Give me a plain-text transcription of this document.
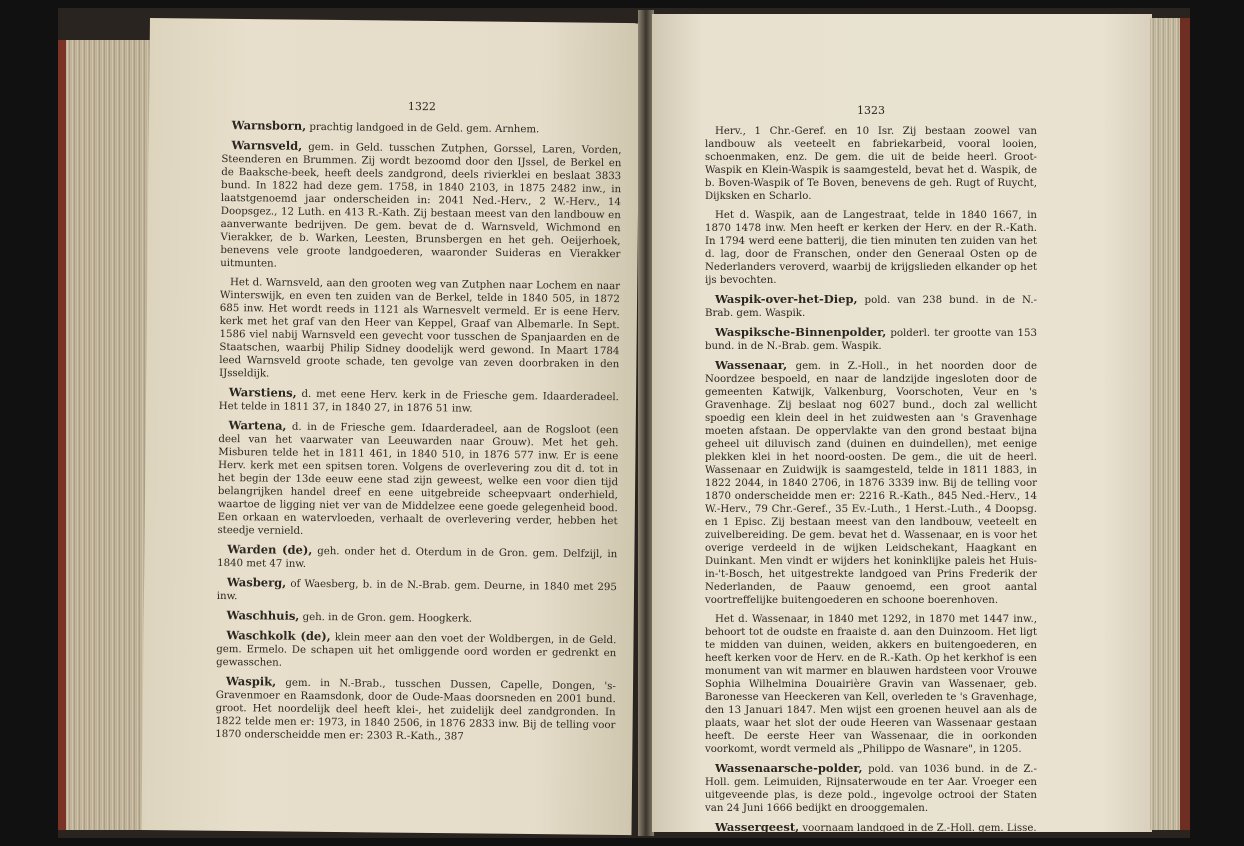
1322

Warnsborn, prachtig landgoed in de Geld. gem. Arnhem.

Warnsveld, gem. in Geld. tusschen Zutphen, Gorssel, Laren, Vorden, Steenderen en Brummen. Zij wordt bezoomd door den IJssel, de Berkel en de Baaksche-beek, heeft deels zandgrond, deels rivierklei en beslaat 3833 bund. In 1822 had deze gem. 1758, in 1840 2103, in 1875 2482 inw., in laatstgenoemd jaar onderscheiden in: 2041 Ned.-Herv., 2 W.-Herv., 14 Doopsgez., 12 Luth. en 413 R.-Kath. Zij bestaan meest van den landbouw en aanverwante bedrijven. De gem. bevat de d. Warnsveld, Wichmond en Vierakker, de b. Warken, Leesten, Brunsbergen en het geh. Oeijerhoek, benevens vele groote landgoederen, waaronder Suideras en Vierakker uitmunten.

Het d. Warnsveld, aan den grooten weg van Zutphen naar Lochem en naar Winterswijk, en even ten zuiden van de Berkel, telde in 1840 505, in 1872 685 inw. Het wordt reeds in 1121 als Warnesvelt vermeld. Er is eene Herv. kerk met het graf van den Heer van Keppel, Graaf van Albemarle. In Sept. 1586 viel nabij Warnsveld een gevecht voor tusschen de Spanjaarden en de Staatschen, waarbij Philip Sidney doodelijk werd gewond. In Maart 1784 leed Warnsveld groote schade, ten gevolge van zeven doorbraken in den IJsseldijk.

Warstiens, d. met eene Herv. kerk in de Friesche gem. Idaarderadeel. Het telde in 1811 37, in 1840 27, in 1876 51 inw.

Wartena, d. in de Friesche gem. Idaarderadeel, aan de Rogsloot (een deel van het vaarwater van Leeuwarden naar Grouw). Met het geh. Misburen telde het in 1811 461, in 1840 510, in 1876 577 inw. Er is eene Herv. kerk met een spitsen toren. Volgens de overlevering zou dit d. tot in het begin der 13de eeuw eene stad zijn geweest, welke een voor dien tijd belangrijken handel dreef en eene uitgebreide scheepvaart onderhield, waartoe de ligging niet ver van de Middelzee eene goede gelegenheid bood. Een orkaan en watervloeden, verhaalt de overlevering verder, hebben het steedje vernield.

Warden (de), geh. onder het d. Oterdum in de Gron. gem. Delfzijl, in 1840 met 47 inw.

Wasberg, of Waesberg, b. in de N.-Brab. gem. Deurne, in 1840 met 295 inw.

Waschhuis, geh. in de Gron. gem. Hoogkerk.

Waschkolk (de), klein meer aan den voet der Woldbergen, in de Geld. gem. Ermelo. De schapen uit het omliggende oord worden er gedrenkt en gewasschen.

Waspik, gem. in N.-Brab., tusschen Dussen, Capelle, Dongen, 's-Gravenmoer en Raamsdonk, door de Oude-Maas doorsneden en 2001 bund. groot. Het noordelijk deel heeft klei-, het zuidelijk deel zandgronden. In 1822 telde men er: 1973, in 1840 2506, in 1876 2833 inw. Bij de telling voor 1870 onderscheidde men er: 2303 R.-Kath., 387

1323

Herv., 1 Chr.-Geref. en 10 Isr. Zij bestaan zoowel van landbouw als veeteelt en fabriekarbeid, vooral looien, schoenmaken, enz. De gem. die uit de beide heerl. Groot-Waspik en Klein-Waspik is saamgesteld, bevat het d. Waspik, de b. Boven-Waspik of Te Boven, benevens de geh. Rugt of Ruycht, Dijksken en Scharlo.

Het d. Waspik, aan de Langestraat, telde in 1840 1667, in 1870 1478 inw. Men heeft er kerken der Herv. en der R.-Kath. In 1794 werd eene batterij, die tien minuten ten zuiden van het d. lag, door de Franschen, onder den Generaal Osten op de Nederlanders veroverd, waarbij de krijgslieden elkander op het ijs bevochten.

Waspik-over-het-Diep, pold. van 238 bund. in de N.-Brab. gem. Waspik.

Waspiksche-Binnenpolder, polderl. ter grootte van 153 bund. in de N.-Brab. gem. Waspik.

Wassenaar, gem. in Z.-Holl., in het noorden door de Noordzee bespoeld, en naar de landzijde ingesloten door de gemeenten Katwijk, Valkenburg, Voorschoten, Veur en 's Gravenhage. Zij beslaat nog 6027 bund., doch zal wellicht spoedig een klein deel in het zuidwesten aan 's Gravenhage moeten afstaan. De oppervlakte van den grond bestaat bijna geheel uit diluvisch zand (duinen en duindellen), met eenige plekken klei in het noord-oosten. De gem., die uit de heerl. Wassenaar en Zuidwijk is saamgesteld, telde in 1811 1883, in 1822 2044, in 1840 2706, in 1876 3339 inw. Bij de telling voor 1870 onderscheidde men er: 2216 R.-Kath., 845 Ned.-Herv., 14 W.-Herv., 79 Chr.-Geref., 35 Ev.-Luth., 1 Herst.-Luth., 4 Doopsg. en 1 Episc. Zij bestaan meest van den landbouw, veeteelt en zuivelbereiding. De gem. bevat het d. Wassenaar, en is voor het overige verdeeld in de wijken Leidschekant, Haagkant en Duinkant. Men vindt er wijders het koninklijke paleis het Huis-in-'t-Bosch, het uitgestrekte landgoed van Prins Frederik der Nederlanden, de Paauw genoemd, een groot aantal voortreffelijke buitengoederen en schoone boerenhoven.

Het d. Wassenaar, in 1840 met 1292, in 1870 met 1447 inw., behoort tot de oudste en fraaiste d. aan den Duinzoom. Het ligt te midden van duinen, weiden, akkers en buitengoederen, en heeft kerken voor de Herv. en de R.-Kath. Op het kerkhof is een monument van wit marmer en blauwen hardsteen voor Vrouwe Sophia Wilhelmina Douairière Gravin van Wassenaer, geb. Baronesse van Heeckeren van Kell, overleden te 's Gravenhage, den 13 Januari 1847. Men wijst een groenen heuvel aan als de plaats, waar het slot der oude Heeren van Wassenaar gestaan heeft. De eerste Heer van Wassenaar, die in oorkonden voorkomt, wordt vermeld als „Philippo de Wasnare", in 1205.

Wassenaarsche-polder, pold. van 1036 bund. in de Z.-Holl. gem. Leimuiden, Rijnsaterwoude en ter Aar. Vroeger een uitgeveende plas, is deze pold., ingevolge octrooi der Staten van 24 Juni 1666 bedijkt en drooggemalen.

Wassergeest, voornaam landgoed in de Z.-Holl. gem. Lisse.
